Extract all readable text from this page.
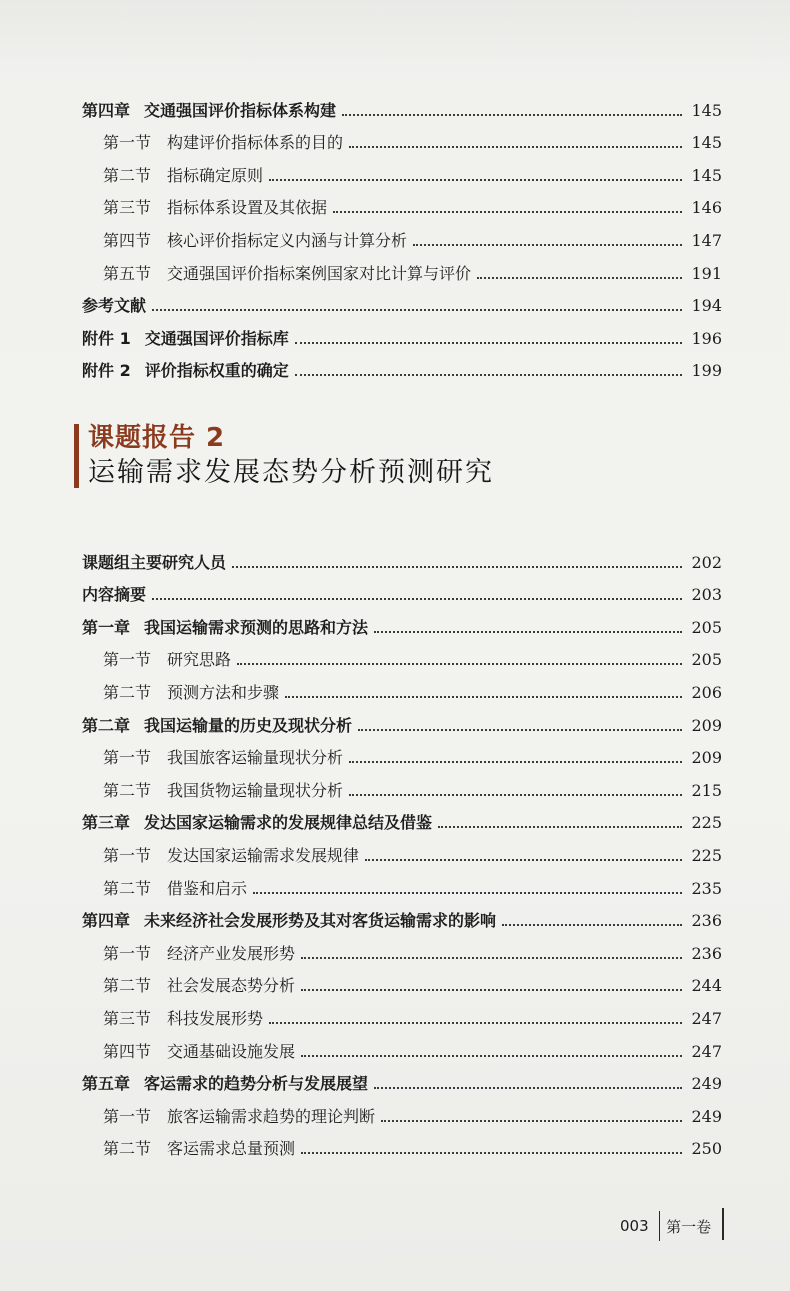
第四章 交通强国评价指标体系构建	145
第一节 构建评价指标体系的目的	145
第二节 指标确定原则	145
第三节 指标体系设置及其依据	146
第四节 核心评价指标定义内涵与计算分析	147
第五节 交通强国评价指标案例国家对比计算与评价	191
参考文献	194
附件 1 交通强国评价指标库	196
附件 2 评价指标权重的确定	199
课题报告 2
运输需求发展态势分析预测研究
课题组主要研究人员	202
内容摘要	203
第一章 我国运输需求预测的思路和方法	205
第一节 研究思路	205
第二节 预测方法和步骤	206
第二章 我国运输量的历史及现状分析	209
第一节 我国旅客运输量现状分析	209
第二节 我国货物运输量现状分析	215
第三章 发达国家运输需求的发展规律总结及借鉴	225
第一节 发达国家运输需求发展规律	225
第二节 借鉴和启示	235
第四章 未来经济社会发展形势及其对客货运输需求的影响	236
第一节 经济产业发展形势	236
第二节 社会发展态势分析	244
第三节 科技发展形势	247
第四节 交通基础设施发展	247
第五章 客运需求的趋势分析与发展展望	249
第一节 旅客运输需求趋势的理论判断	249
第二节 客运需求总量预测	250
003 第一卷
